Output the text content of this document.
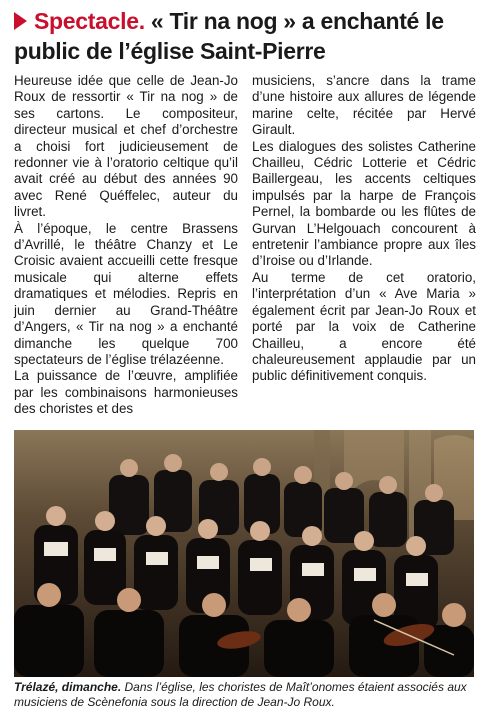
Spectacle. « Tir na nog » a enchanté le public de l’église Saint-Pierre

Heureuse idée que celle de Jean-Jo Roux de ressortir « Tir na nog » de ses cartons. Le compositeur, directeur musical et chef d’orchestre a choisi fort judicieusement de redonner vie à l’oratorio celtique qu’il avait créé au début des années 90 avec René Quéffelec, auteur du livret.

À l’époque, le centre Brassens d’Avrillé, le théâtre Chanzy et Le Croisic avaient accueilli cette fresque musicale qui alterne effets dramatiques et mélodies. Repris en juin dernier au Grand-Théâtre d’Angers, « Tir na nog » a enchanté dimanche les quelque 700 spectateurs de l’église trélazéenne.

La puissance de l’œuvre, amplifiée par les combinaisons harmonieuses des choristes et des

musiciens, s’ancre dans la trame d’une histoire aux allures de légende marine celte, récitée par Hervé Girault.

Les dialogues des solistes Catherine Chailleu, Cédric Lotterie et Cédric Baillergeau, les accents celtiques impulsés par la harpe de François Pernel, la bombarde ou les flûtes de Gurvan L’Helgouach concourent à entretenir l’ambiance propre aux îles d’Iroise ou d’Irlande.

Au terme de cet oratorio, l’interprétation d’un « Ave Maria » également écrit par Jean-Jo Roux et porté par la voix de Catherine Chailleu, a encore été chaleureusement applaudie par un public définitivement conquis.

Trélazé, dimanche. Dans l’église, les choristes de Maît’onomes étaient associés aux musiciens de Scènefonia sous la direction de Jean-Jo Roux.
